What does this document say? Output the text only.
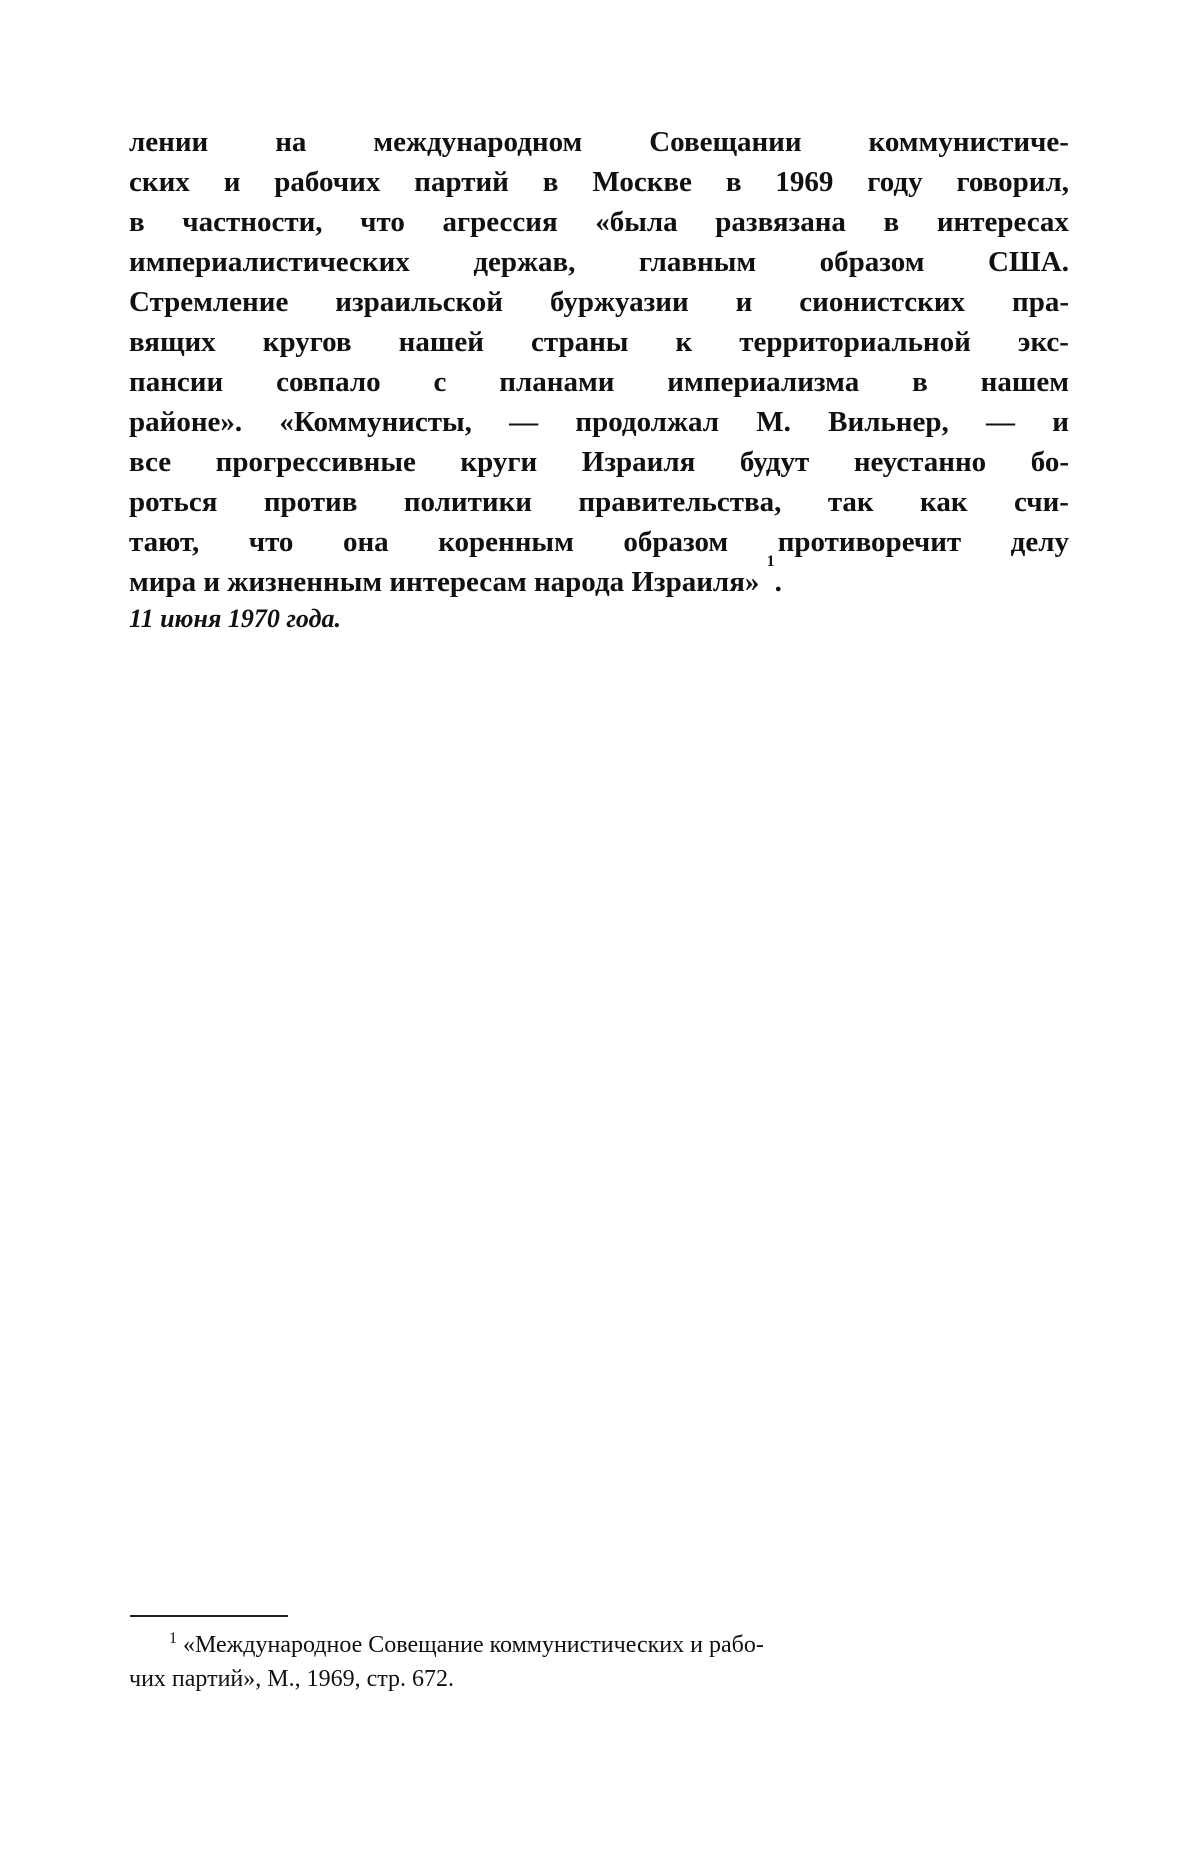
лении на международном Совещании коммунистиче-
ских и рабочих партий в Москве в 1969 году говорил,
в частности, что агрессия «была развязана в интересах
империалистических держав, главным образом США.
Стремление израильской буржуазии и сионистских пра-
вящих кругов нашей страны к территориальной экс-
пансии совпало с планами империализма в нашем
районе». «Коммунисты, — продолжал М. Вильнер, — и
все прогрессивные круги Израиля будут неустанно бо-
роться против политики правительства, так как счи-
тают, что она коренным образом противоречит делу
мира и жизненным интересам народа Израиля»

1
.
11 июня 1970 года.
$^1$ «Международное Совещание коммунистических и рабо-
чих партий», М., 1969, стр. 672.
